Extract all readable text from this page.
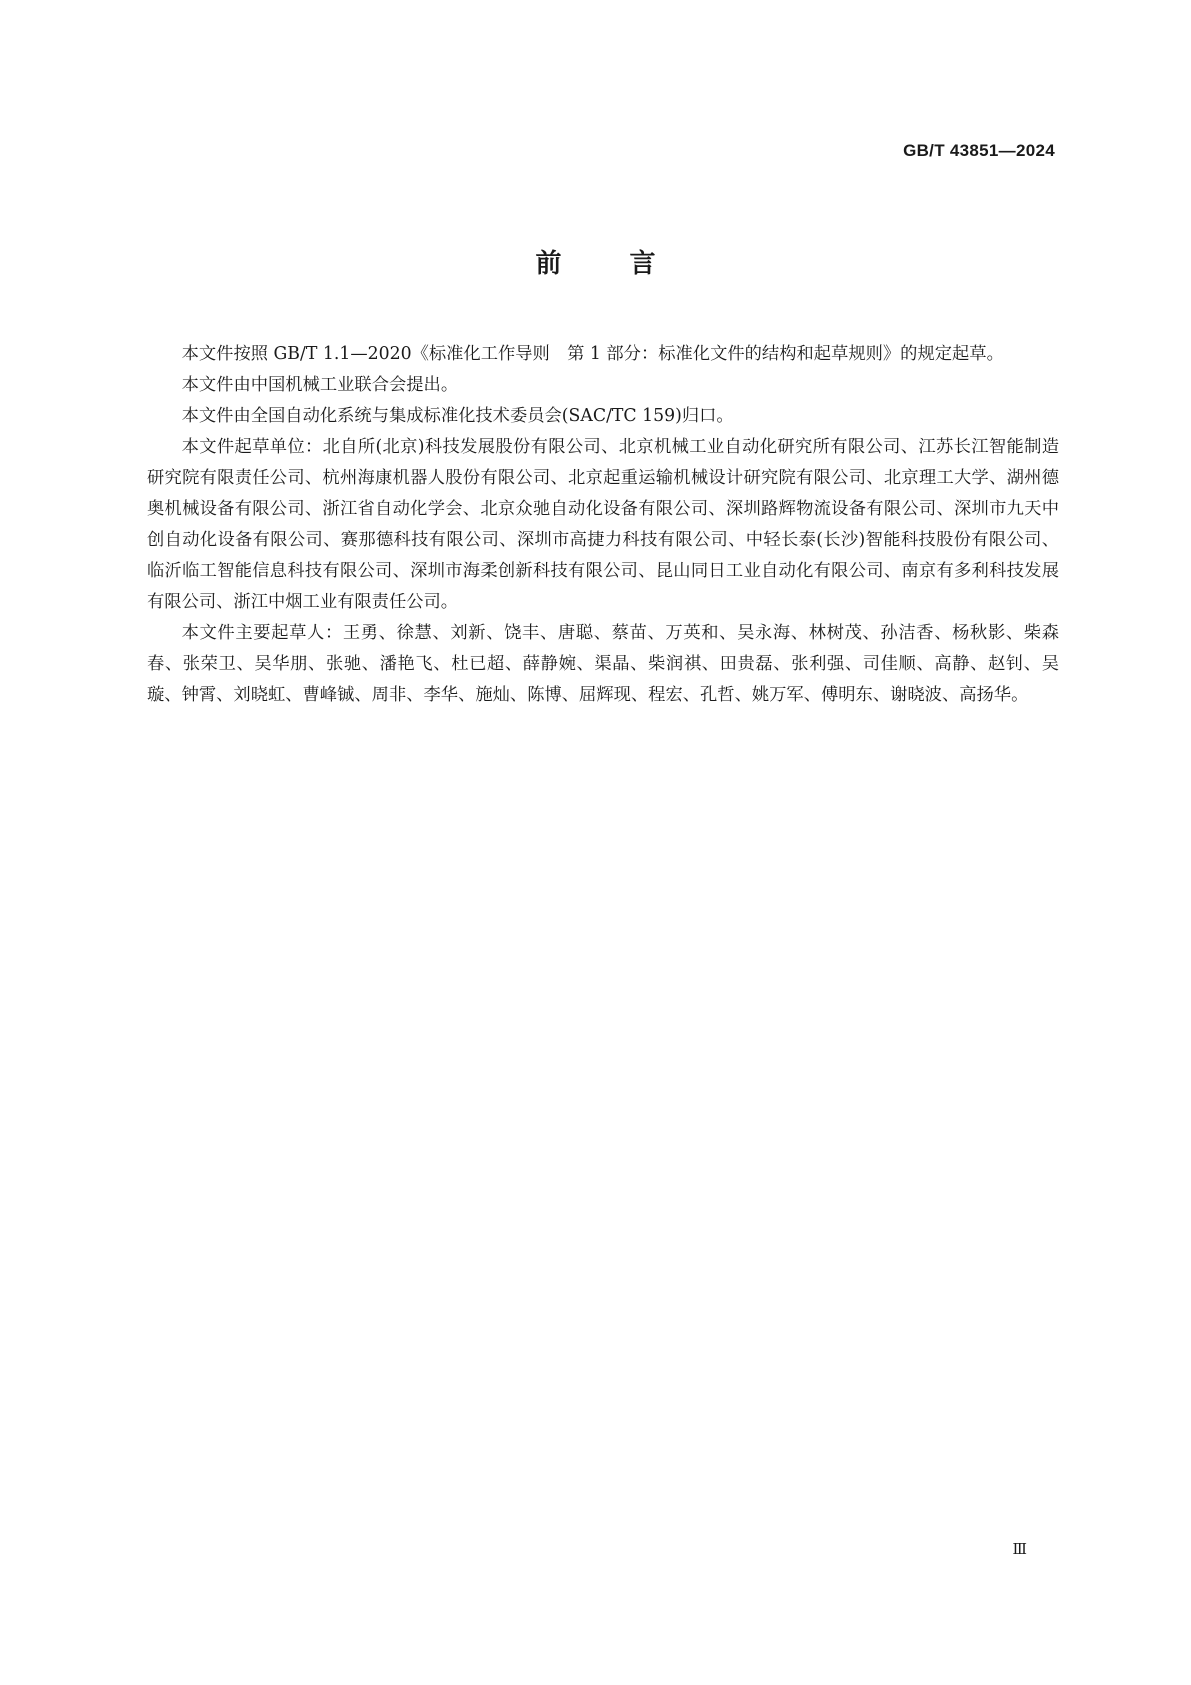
GB/T 43851—2024
前言

本文件按照 GB/T 1.1—2020《标准化工作导则　第 1 部分：标准化文件的结构和起草规则》的规定起草。

本文件由中国机械工业联合会提出。

本文件由全国自动化系统与集成标准化技术委员会(SAC/TC 159)归口。

本文件起草单位：北自所(北京)科技发展股份有限公司、北京机械工业自动化研究所有限公司、江苏长江智能制造研究院有限责任公司、杭州海康机器人股份有限公司、北京起重运输机械设计研究院有限公司、北京理工大学、湖州德奥机械设备有限公司、浙江省自动化学会、北京众驰自动化设备有限公司、深圳路辉物流设备有限公司、深圳市九天中创自动化设备有限公司、赛那德科技有限公司、深圳市高捷力科技有限公司、中轻长泰(长沙)智能科技股份有限公司、临沂临工智能信息科技有限公司、深圳市海柔创新科技有限公司、昆山同日工业自动化有限公司、南京有多利科技发展有限公司、浙江中烟工业有限责任公司。

本文件主要起草人：王勇、徐慧、刘新、饶丰、唐聪、蔡苗、万英和、吴永海、林树茂、孙洁香、杨秋影、柴森春、张荣卫、吴华朋、张驰、潘艳飞、杜已超、薛静婉、渠晶、柴润祺、田贵磊、张利强、司佳顺、高静、赵钊、吴璇、钟霄、刘晓虹、曹峰铖、周非、李华、施灿、陈博、屈辉现、程宏、孔哲、姚万军、傅明东、谢晓波、高扬华。

Ⅲ
